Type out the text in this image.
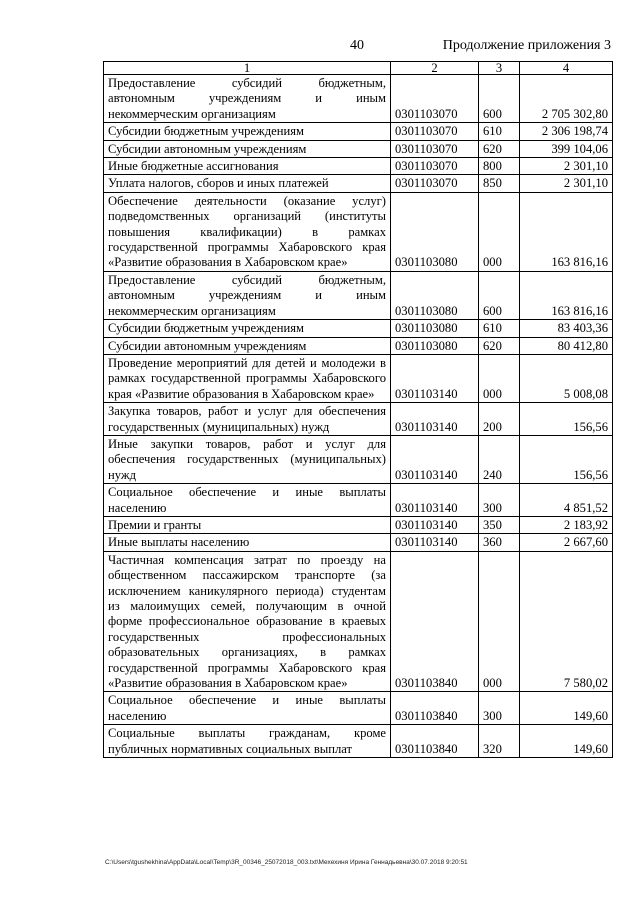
40	Продолжение приложения 3
1	2	3	4
Предоставление субсидий бюджетным, автономным учреждениям и иным некоммерческим организациям	0301103070	600	2 705 302,80
Субсидии бюджетным учреждениям	0301103070	610	2 306 198,74
Субсидии автономным учреждениям	0301103070	620	399 104,06
Иные бюджетные ассигнования	0301103070	800	2 301,10
Уплата налогов, сборов и иных платежей	0301103070	850	2 301,10
Обеспечение деятельности (оказание услуг) подведомственных организаций (институты повышения квалификации) в рамках государственной программы Хабаровского края «Развитие образования в Хабаровском крае»	0301103080	000	163 816,16
Предоставление субсидий бюджетным, автономным учреждениям и иным некоммерческим организациям	0301103080	600	163 816,16
Субсидии бюджетным учреждениям	0301103080	610	83 403,36
Субсидии автономным учреждениям	0301103080	620	80 412,80
Проведение мероприятий для детей и молодежи в рамках государственной программы Хабаровского края «Развитие образования в Хабаровском крае»	0301103140	000	5 008,08
Закупка товаров, работ и услуг для обеспечения государственных (муниципальных) нужд	0301103140	200	156,56
Иные закупки товаров, работ и услуг для обеспечения государственных (муниципальных) нужд	0301103140	240	156,56
Социальное обеспечение и иные выплаты населению	0301103140	300	4 851,52
Премии и гранты	0301103140	350	2 183,92
Иные выплаты населению	0301103140	360	2 667,60
Частичная компенсация затрат по проезду на общественном пассажирском транспорте (за исключением каникулярного периода) студентам из малоимущих семей, получающим в очной форме профессиональное образование в краевых государственных профессиональных образовательных организациях, в рамках государственной программы Хабаровского края «Развитие образования в Хабаровском крае»	0301103840	000	7 580,02
Социальное обеспечение и иные выплаты населению	0301103840	300	149,60
Социальные выплаты гражданам, кроме публичных нормативных социальных выплат	0301103840	320	149,60
C:\Users\tgushekhina\AppData\Local\Temp\3R_00346_25072018_003.txt\Мехехиня Ирина Геннадьевна\30.07.2018 9:20:51
